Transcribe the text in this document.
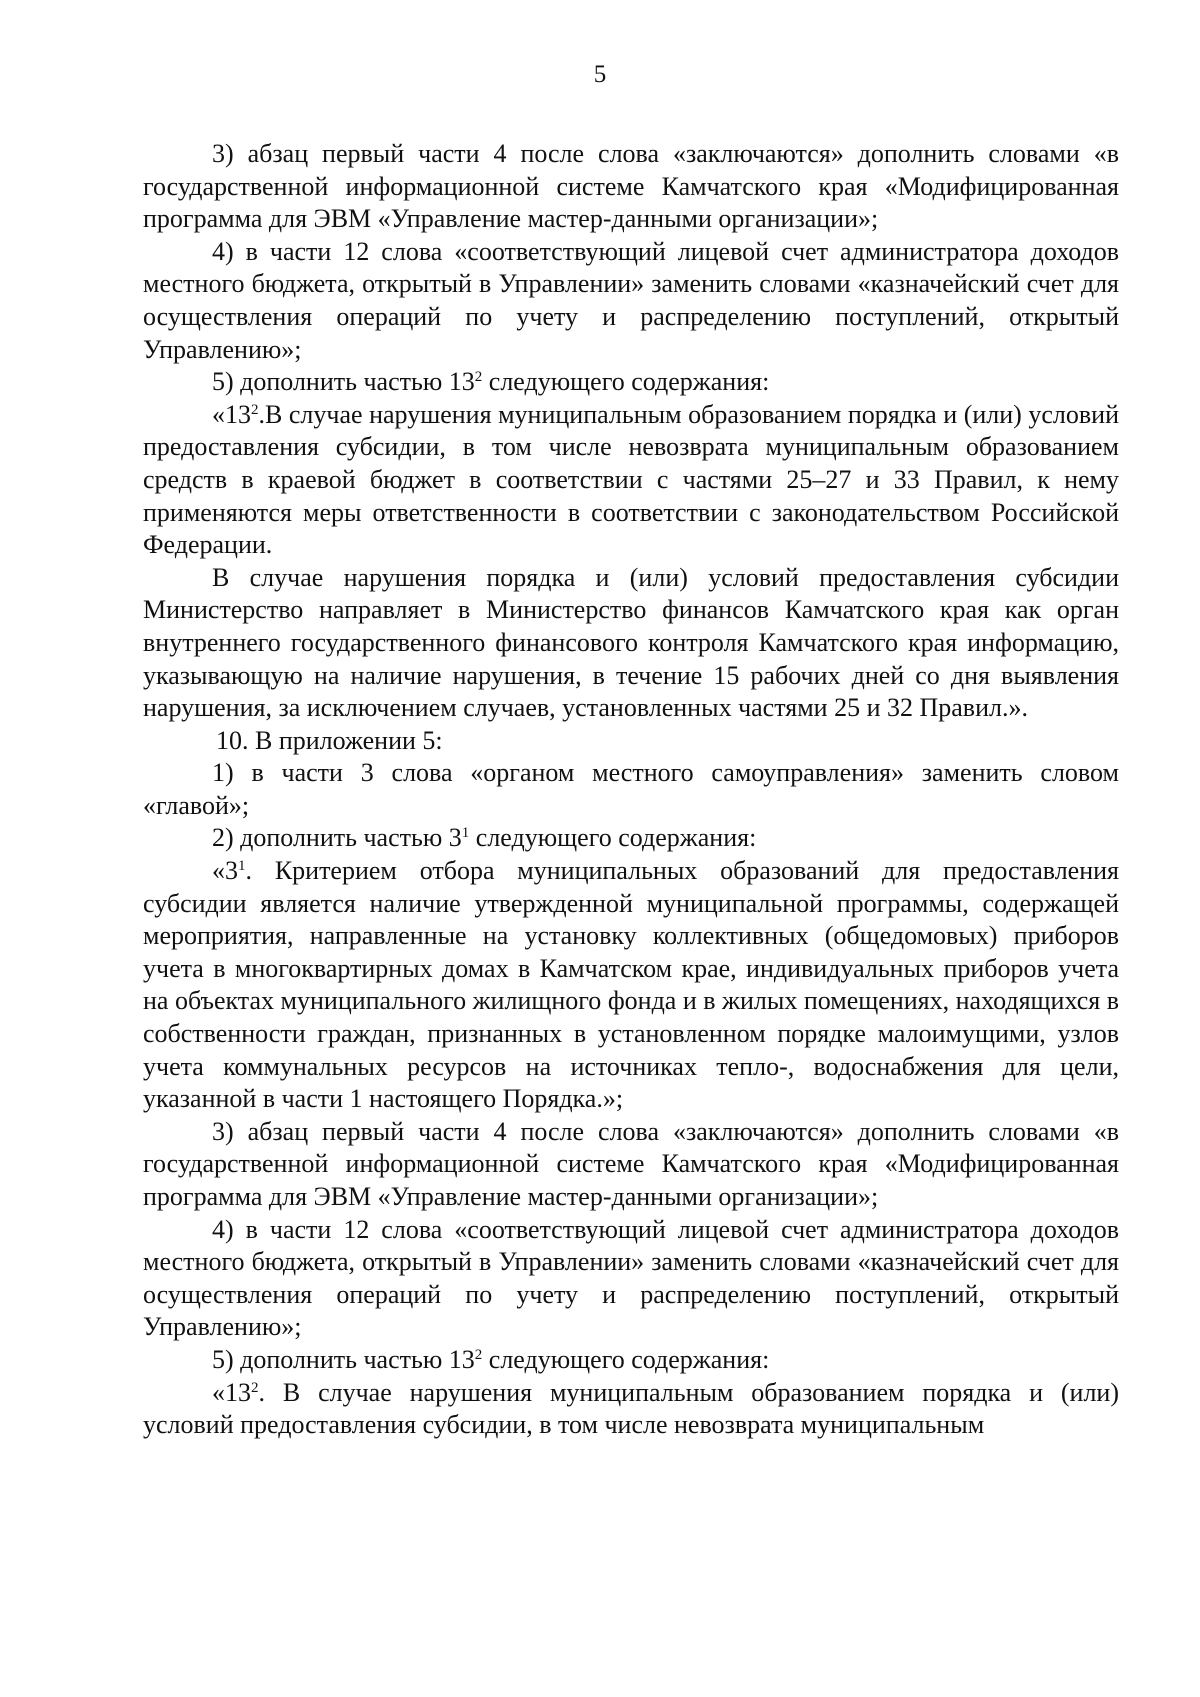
5

3) абзац первый части 4 после слова «заключаются» дополнить словами «в государственной информационной системе Камчатского края «Модифицированная программа для ЭВМ «Управление мастер-данными организации»;

4) в части 12 слова «соответствующий лицевой счет администратора доходов местного бюджета, открытый в Управлении» заменить словами «казначейский счет для осуществления операций по учету и распределению поступлений, открытый Управлению»;

5) дополнить частью $13^2$ следующего содержания:

«$13^2.В$ случае нарушения муниципальным образованием порядка и (или) условий предоставления субсидии, в том числе невозврата муниципальным образованием средств в краевой бюджет в соответствии с частями 25–27 и 33 Правил, к нему применяются меры ответственности в соответствии с законодательством Российской Федерации.

В случае нарушения порядка и (или) условий предоставления субсидии Министерство направляет в Министерство финансов Камчатского края как орган внутреннего государственного финансового контроля Камчатского края информацию, указывающую на наличие нарушения, в течение 15 рабочих дней со дня выявления нарушения, за исключением случаев, установленных частями 25 и 32 Правил.».

10. В приложении 5:

1) в части 3 слова «органом местного самоуправления» заменить словом «главой»;

2) дополнить частью $3^1$ следующего содержания:

«$3^1$. Критерием отбора муниципальных образований для предоставления субсидии является наличие утвержденной муниципальной программы, содержащей мероприятия, направленные на установку коллективных (общедомовых) приборов учета в многоквартирных домах в Камчатском крае, индивидуальных приборов учета на объектах муниципального жилищного фонда и в жилых помещениях, находящихся в собственности граждан, признанных в установленном порядке малоимущими, узлов учета коммунальных ресурсов на источниках тепло-, водоснабжения для цели, указанной в части 1 настоящего Порядка.»;

3) абзац первый части 4 после слова «заключаются» дополнить словами «в государственной информационной системе Камчатского края «Модифицированная программа для ЭВМ «Управление мастер-данными организации»;

4) в части 12 слова «соответствующий лицевой счет администратора доходов местного бюджета, открытый в Управлении» заменить словами «казначейский счет для осуществления операций по учету и распределению поступлений, открытый Управлению»;

5) дополнить частью $13^2$ следующего содержания:

«$13^2$. В случае нарушения муниципальным образованием порядка и (или) условий предоставления субсидии, в том числе невозврата муниципальным
